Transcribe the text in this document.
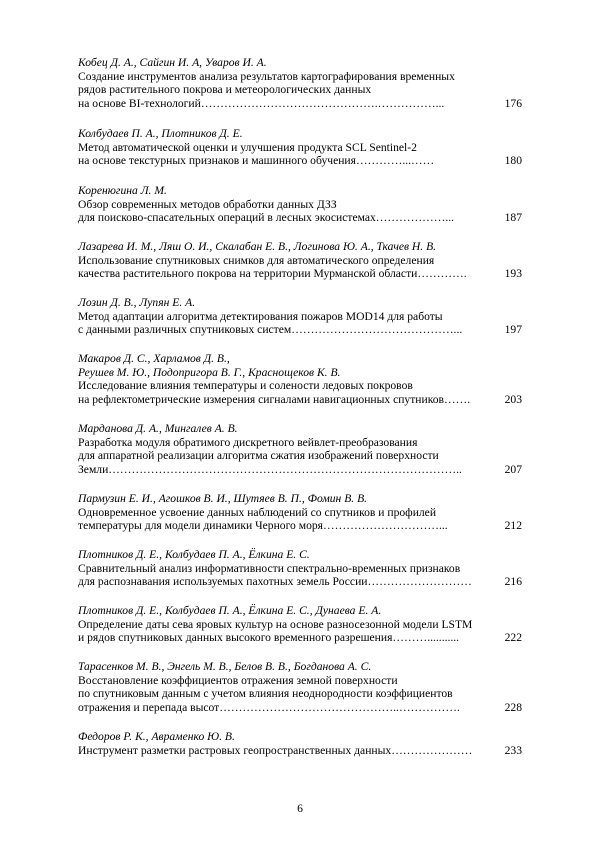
Кобец Д. А., Сайгин И. А, Уваров И. А.
Создание инструментов анализа результатов картографирования временных
рядов растительного покрова и метеорологических данных
на основе BI-технологий……………………………………….……………...	176
Колбудаев П. А., Плотников Д. Е.
Метод автоматической оценки и улучшения продукта SCL Sentinel-2
на основе текстурных признаков и машинного обучения…………...……	180
Коренюгина Л. М.
Обзор современных методов обработки данных ДЗЗ
для поисково-спасательных операций в лесных экосистемах………………...	187
Лазарева И. М., Ляш О. И., Скалабан Е. В., Логинова Ю. А., Ткачев Н. В.
Использование спутниковых снимков для автоматического определения
качества растительного покрова на территории Мурманской области………….	193
Лозин Д. В., Лупян Е. А.
Метод адаптации алгоритма детектирования пожаров MOD14 для работы
с данными различных спутниковых систем……………………………………...	197
Макаров Д. С., Харламов Д. В.,
Реушев М. Ю., Подопригора В. Г., Краснощеков К. В.
Исследование влияния температуры и солености ледовых покровов
на рефлектометрические измерения сигналами навигационных спутников…….	203
Марданова Д. А., Мингалев А. В.
Разработка модуля обратимого дискретного вейвлет-преобразования
для аппаратной реализации алгоритма сжатия изображений поверхности
Земли………………………………………………………………………………..	207
Пармузин Е. И., Агошков В. И., Шутяев В. П., Фомин В. В.
Одновременное усвоение данных наблюдений со спутников и профилей
температуры для модели динамики Черного моря…………………………...	212
Плотников Д. Е., Колбудаев П. А., Ёлкина Е. С.
Сравнительный анализ информативности спектрально-временных признаков
для распознавания используемых пахотных земель России………………………	216
Плотников Д. Е., Колбудаев П. А., Ёлкина Е. С., Дунаева Е. А.
Определение даты сева яровых культур на основе разносезонной модели LSTM
и рядов спутниковых данных высокого временного разрешения………...........	222
Тарасенков М. В., Энгель М. В., Белов В. В., Богданова А. С.
Восстановление коэффициентов отражения земной поверхности
по спутниковым данным с учетом влияния неоднородности коэффициентов
отражения и перепада высот………………………………………..…………….	228
Федоров Р. К., Авраменко Ю. В.
Инструмент разметки растровых геопространственных данных…………………	233
6
